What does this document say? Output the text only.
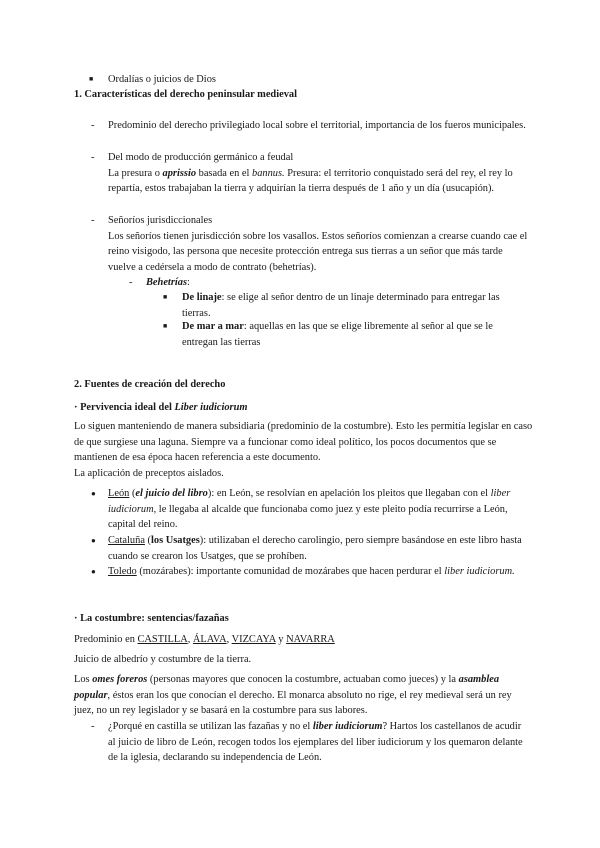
■ Ordalías o juicios de Dios
1. Características del derecho peninsular medieval
- Predominio del derecho privilegiado local sobre el territorial, importancia de los fueros municipales.

- Del modo de producción germánico a feudal

La presura o aprissio basada en el bannus. Presura: el territorio conquistado será del rey, el rey lo repartía, estos trabajaban la tierra y adquirían la tierra después de 1 año y un día (usucapión).

- Señoríos jurisdiccionales

Los señoríos tienen jurisdicción sobre los vasallos. Estos señoríos comienzan a crearse cuando cae el reino visigodo, las persona que necesite protección entrega sus tierras a un señor que más tarde vuelve a cedérsela a modo de contrato (behetrías).

- Behetrías:
■ De linaje: se elige al señor dentro de un linaje determinado para entregar las tierras.
■ De mar a mar: aquellas en las que se elige libremente al señor al que se le entregan las tierras
2. Fuentes de creación del derecho
· Pervivencia ideal del Liber iudiciorum
Lo siguen manteniendo de manera subsidiaria (predominio de la costumbre). Esto les permitía legislar en caso de que surgiese una laguna. Siempre va a funcionar como ideal político, los pocos documentos que se mantienen de esa época hacen referencia a este documento.
La aplicación de preceptos aislados.
● León (el juicio del libro): en León, se resolvían en apelación los pleitos que llegaban con el liber iudiciorum, le llegaba al alcalde que funcionaba como juez y este pleito podía recurrirse a León, capital del reino.
● Cataluña (los Usatges): utilizaban el derecho carolingio, pero siempre basándose en este libro hasta cuando se crearon los Usatges, que se prohíben.
● Toledo (mozárabes): importante comunidad de mozárabes que hacen perdurar el liber iudiciorum.
· La costumbre: sentencias/fazañas
Predominio en CASTILLA, ÁLAVA, VIZCAYA y NAVARRA
Juicio de albedrío y costumbre de la tierra.
Los omes foreros (personas mayores que conocen la costumbre, actuaban como jueces) y la asamblea popular, éstos eran los que conocían el derecho. El monarca absoluto no rige, el rey medieval será un rey juez, no un rey legislador y se basará en la costumbre para sus labores.
- ¿Porqué en castilla se utilizan las fazañas y no el liber iudiciorum? Hartos los castellanos de acudir al juicio de libro de León, recogen todos los ejemplares del liber iudiciorum y los quemaron delante de la iglesia, declarando su independencia de León.
